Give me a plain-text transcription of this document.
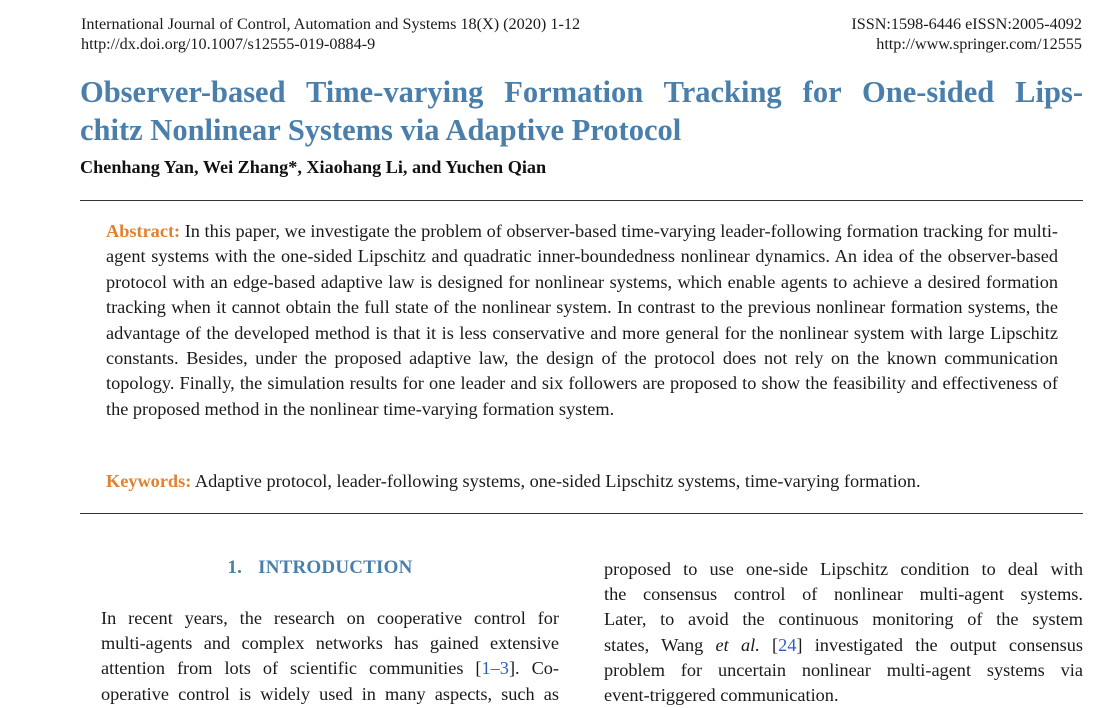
International Journal of Control, Automation and Systems 18(X) (2020) 1-12
http://dx.doi.org/10.1007/s12555-019-0884-9
ISSN:1598-6446 eISSN:2005-4092
http://www.springer.com/12555
Observer-based Time-varying Formation Tracking for One-sided Lips-
chitz Nonlinear Systems via Adaptive Protocol
Chenhang Yan, Wei Zhang*, Xiaohang Li, and Yuchen Qian
Abstract: In this paper, we investigate the problem of observer-based time-varying leader-following formation tracking for multi-agent systems with the one-sided Lipschitz and quadratic inner-boundedness nonlinear dynamics. An idea of the observer-based protocol with an edge-based adaptive law is designed for nonlinear systems, which enable agents to achieve a desired formation tracking when it cannot obtain the full state of the nonlinear system. In contrast to the previous nonlinear formation systems, the advantage of the developed method is that it is less conservative and more general for the nonlinear system with large Lipschitz constants. Besides, under the proposed adaptive law, the design of the protocol does not rely on the known communication topology. Finally, the simulation results for one leader and six followers are proposed to show the feasibility and effectiveness of the proposed method in the nonlinear time-varying formation system.
Keywords: Adaptive protocol, leader-following systems, one-sided Lipschitz systems, time-varying formation.
1. INTRODUCTION

In recent years, the research on cooperative control for
multi-agents and complex networks has gained extensive
attention from lots of scientific communities [1–3]. Co-
operative control is widely used in many aspects, such as

proposed to use one-side Lipschitz condition to deal with
the consensus control of nonlinear multi-agent systems.
Later, to avoid the continuous monitoring of the system
states, Wang et al. [24] investigated the output consensus
problem for uncertain nonlinear multi-agent systems via
event-triggered communication.
